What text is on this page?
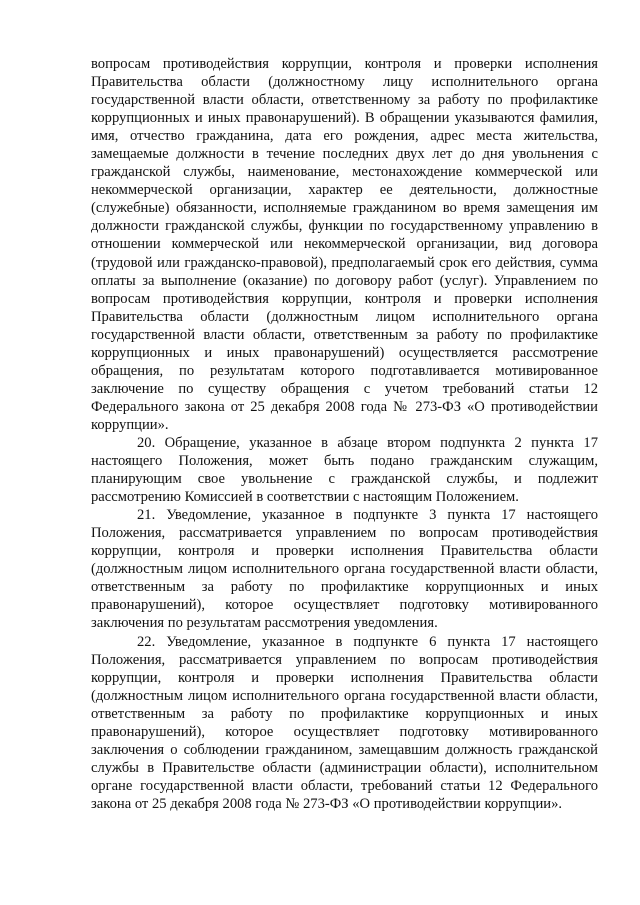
вопросам противодействия коррупции, контроля и проверки исполнения Правительства области (должностному лицу исполнительного органа государственной власти области, ответственному за работу по профилактике коррупционных и иных правонарушений). В обращении указываются фамилия, имя, отчество гражданина, дата его рождения, адрес места жительства, замещаемые должности в течение последних двух лет до дня увольнения с гражданской службы, наименование, местонахождение коммерческой или некоммерческой организации, характер ее деятельности, должностные (служебные) обязанности, исполняемые гражданином во время замещения им должности гражданской службы, функции по государственному управлению в отношении коммерческой или некоммерческой организации, вид договора (трудовой или гражданско-правовой), предполагаемый срок его действия, сумма оплаты за выполнение (оказание) по договору работ (услуг). Управлением по вопросам противодействия коррупции, контроля и проверки исполнения Правительства области (должностным лицом исполнительного органа государственной власти области, ответственным за работу по профилактике коррупционных и иных правонарушений) осуществляется рассмотрение обращения, по результатам которого подготавливается мотивированное заключение по существу обращения с учетом требований статьи 12 Федерального закона от 25 декабря 2008 года № 273-ФЗ «О противодействии коррупции».

20. Обращение, указанное в абзаце втором подпункта 2 пункта 17 настоящего Положения, может быть подано гражданским служащим, планирующим свое увольнение с гражданской службы, и подлежит рассмотрению Комиссией в соответствии с настоящим Положением.

21. Уведомление, указанное в подпункте 3 пункта 17 настоящего Положения, рассматривается управлением по вопросам противодействия коррупции, контроля и проверки исполнения Правительства области (должностным лицом исполнительного органа государственной власти области, ответственным за работу по профилактике коррупционных и иных правонарушений), которое осуществляет подготовку мотивированного заключения по результатам рассмотрения уведомления.

22. Уведомление, указанное в подпункте 6 пункта 17 настоящего Положения, рассматривается управлением по вопросам противодействия коррупции, контроля и проверки исполнения Правительства области (должностным лицом исполнительного органа государственной власти области, ответственным за работу по профилактике коррупционных и иных правонарушений), которое осуществляет подготовку мотивированного заключения о соблюдении гражданином, замещавшим должность гражданской службы в Правительстве области (администрации области), исполнительном органе государственной власти области, требований статьи 12 Федерального закона от 25 декабря 2008 года № 273-ФЗ «О противодействии коррупции».
